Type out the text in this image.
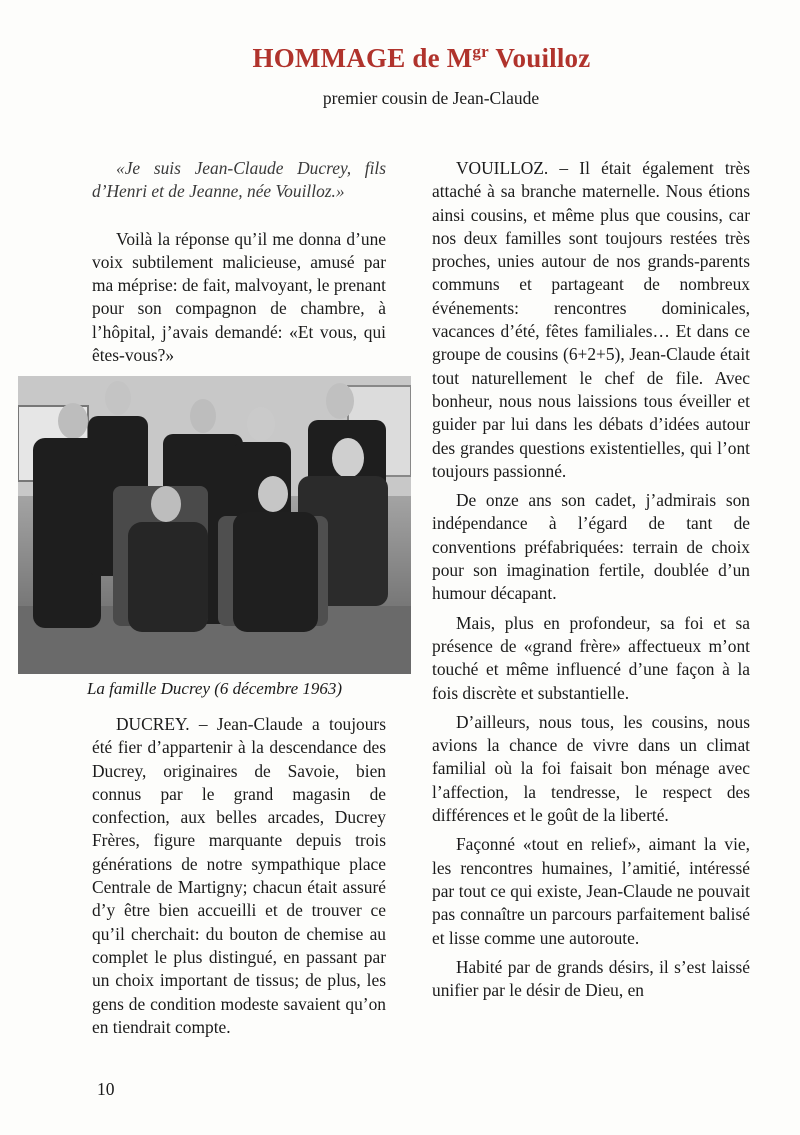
HOMMAGE de $M^{gr}$ Vouilloz
premier cousin de Jean-Claude

«Je suis Jean-Claude Ducrey, fils d’Henri et de Jeanne, née Vouilloz.»

Voilà la réponse qu’il me donna d’une voix subtilement malicieuse, amusé par ma méprise: de fait, malvoyant, le prenant pour son compagnon de chambre, à l’hôpital, j’avais demandé: «Et vous, qui êtes-vous?»

DUCREY. – Jean-Claude a toujours été fier d’appartenir à la descendance des Ducrey, originaires de Savoie, bien connus par le grand magasin de confection, aux belles arcades, Ducrey Frères, figure marquante depuis trois générations de notre sympathique place Centrale de Martigny; chacun était assuré d’y être bien accueilli et de trouver ce qu’il cherchait: du bouton de chemise au complet le plus distingué, en passant par un choix important de tissus; de plus, les gens de condition modeste savaient qu’on en tiendrait compte.

La famille Ducrey (6 décembre 1963)

VOUILLOZ. – Il était également très attaché à sa branche maternelle. Nous étions ainsi cousins, et même plus que cousins, car nos deux familles sont toujours restées très proches, unies autour de nos grands-parents communs et partageant de nombreux événements: rencontres dominicales, vacances d’été, fêtes familiales… Et dans ce groupe de cousins (6+2+5), Jean-Claude était tout naturellement le chef de file. Avec bonheur, nous nous laissions tous éveiller et guider par lui dans les débats d’idées autour des grandes questions existentielles, qui l’ont toujours passionné.

De onze ans son cadet, j’admirais son indépendance à l’égard de tant de conventions préfabriquées: terrain de choix pour son imagination fertile, doublée d’un humour décapant.

Mais, plus en profondeur, sa foi et sa présence de «grand frère» affectueux m’ont touché et même influencé d’une façon à la fois discrète et substantielle.

D’ailleurs, nous tous, les cousins, nous avions la chance de vivre dans un climat familial où la foi faisait bon ménage avec l’affection, la tendresse, le respect des différences et le goût de la liberté.

Façonné «tout en relief», aimant la vie, les rencontres humaines, l’amitié, intéressé par tout ce qui existe, Jean-Claude ne pouvait pas connaître un parcours parfaitement balisé et lisse comme une autoroute.

Habité par de grands désirs, il s’est laissé unifier par le désir de Dieu, en

10
